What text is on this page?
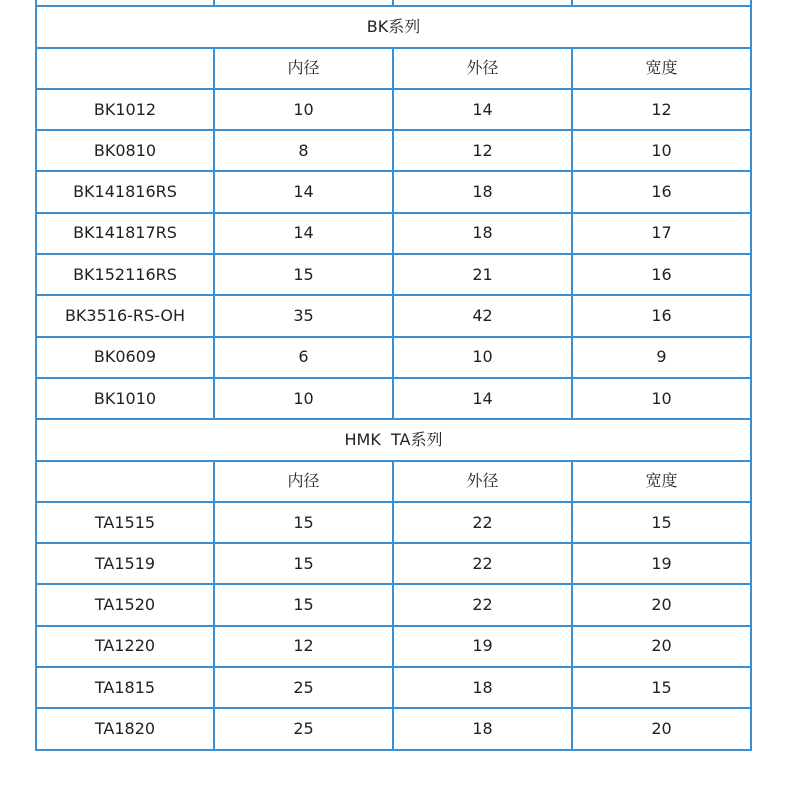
BK系列			
	内径	外径	宽度
BK1012	10	14	12
BK0810	8	12	10
BK141816RS	14	18	16
BK141817RS	14	18	17
BK152116RS	15	21	16
BK3516-RS-OH	35	42	16
BK0609	6	10	9
BK1010	10	14	10
HMK  TA系列			
	内径	外径	宽度
TA1515	15	22	15
TA1519	15	22	19
TA1520	15	22	20
TA1220	12	19	20
TA1815	25	18	15
TA1820	25	18	20
